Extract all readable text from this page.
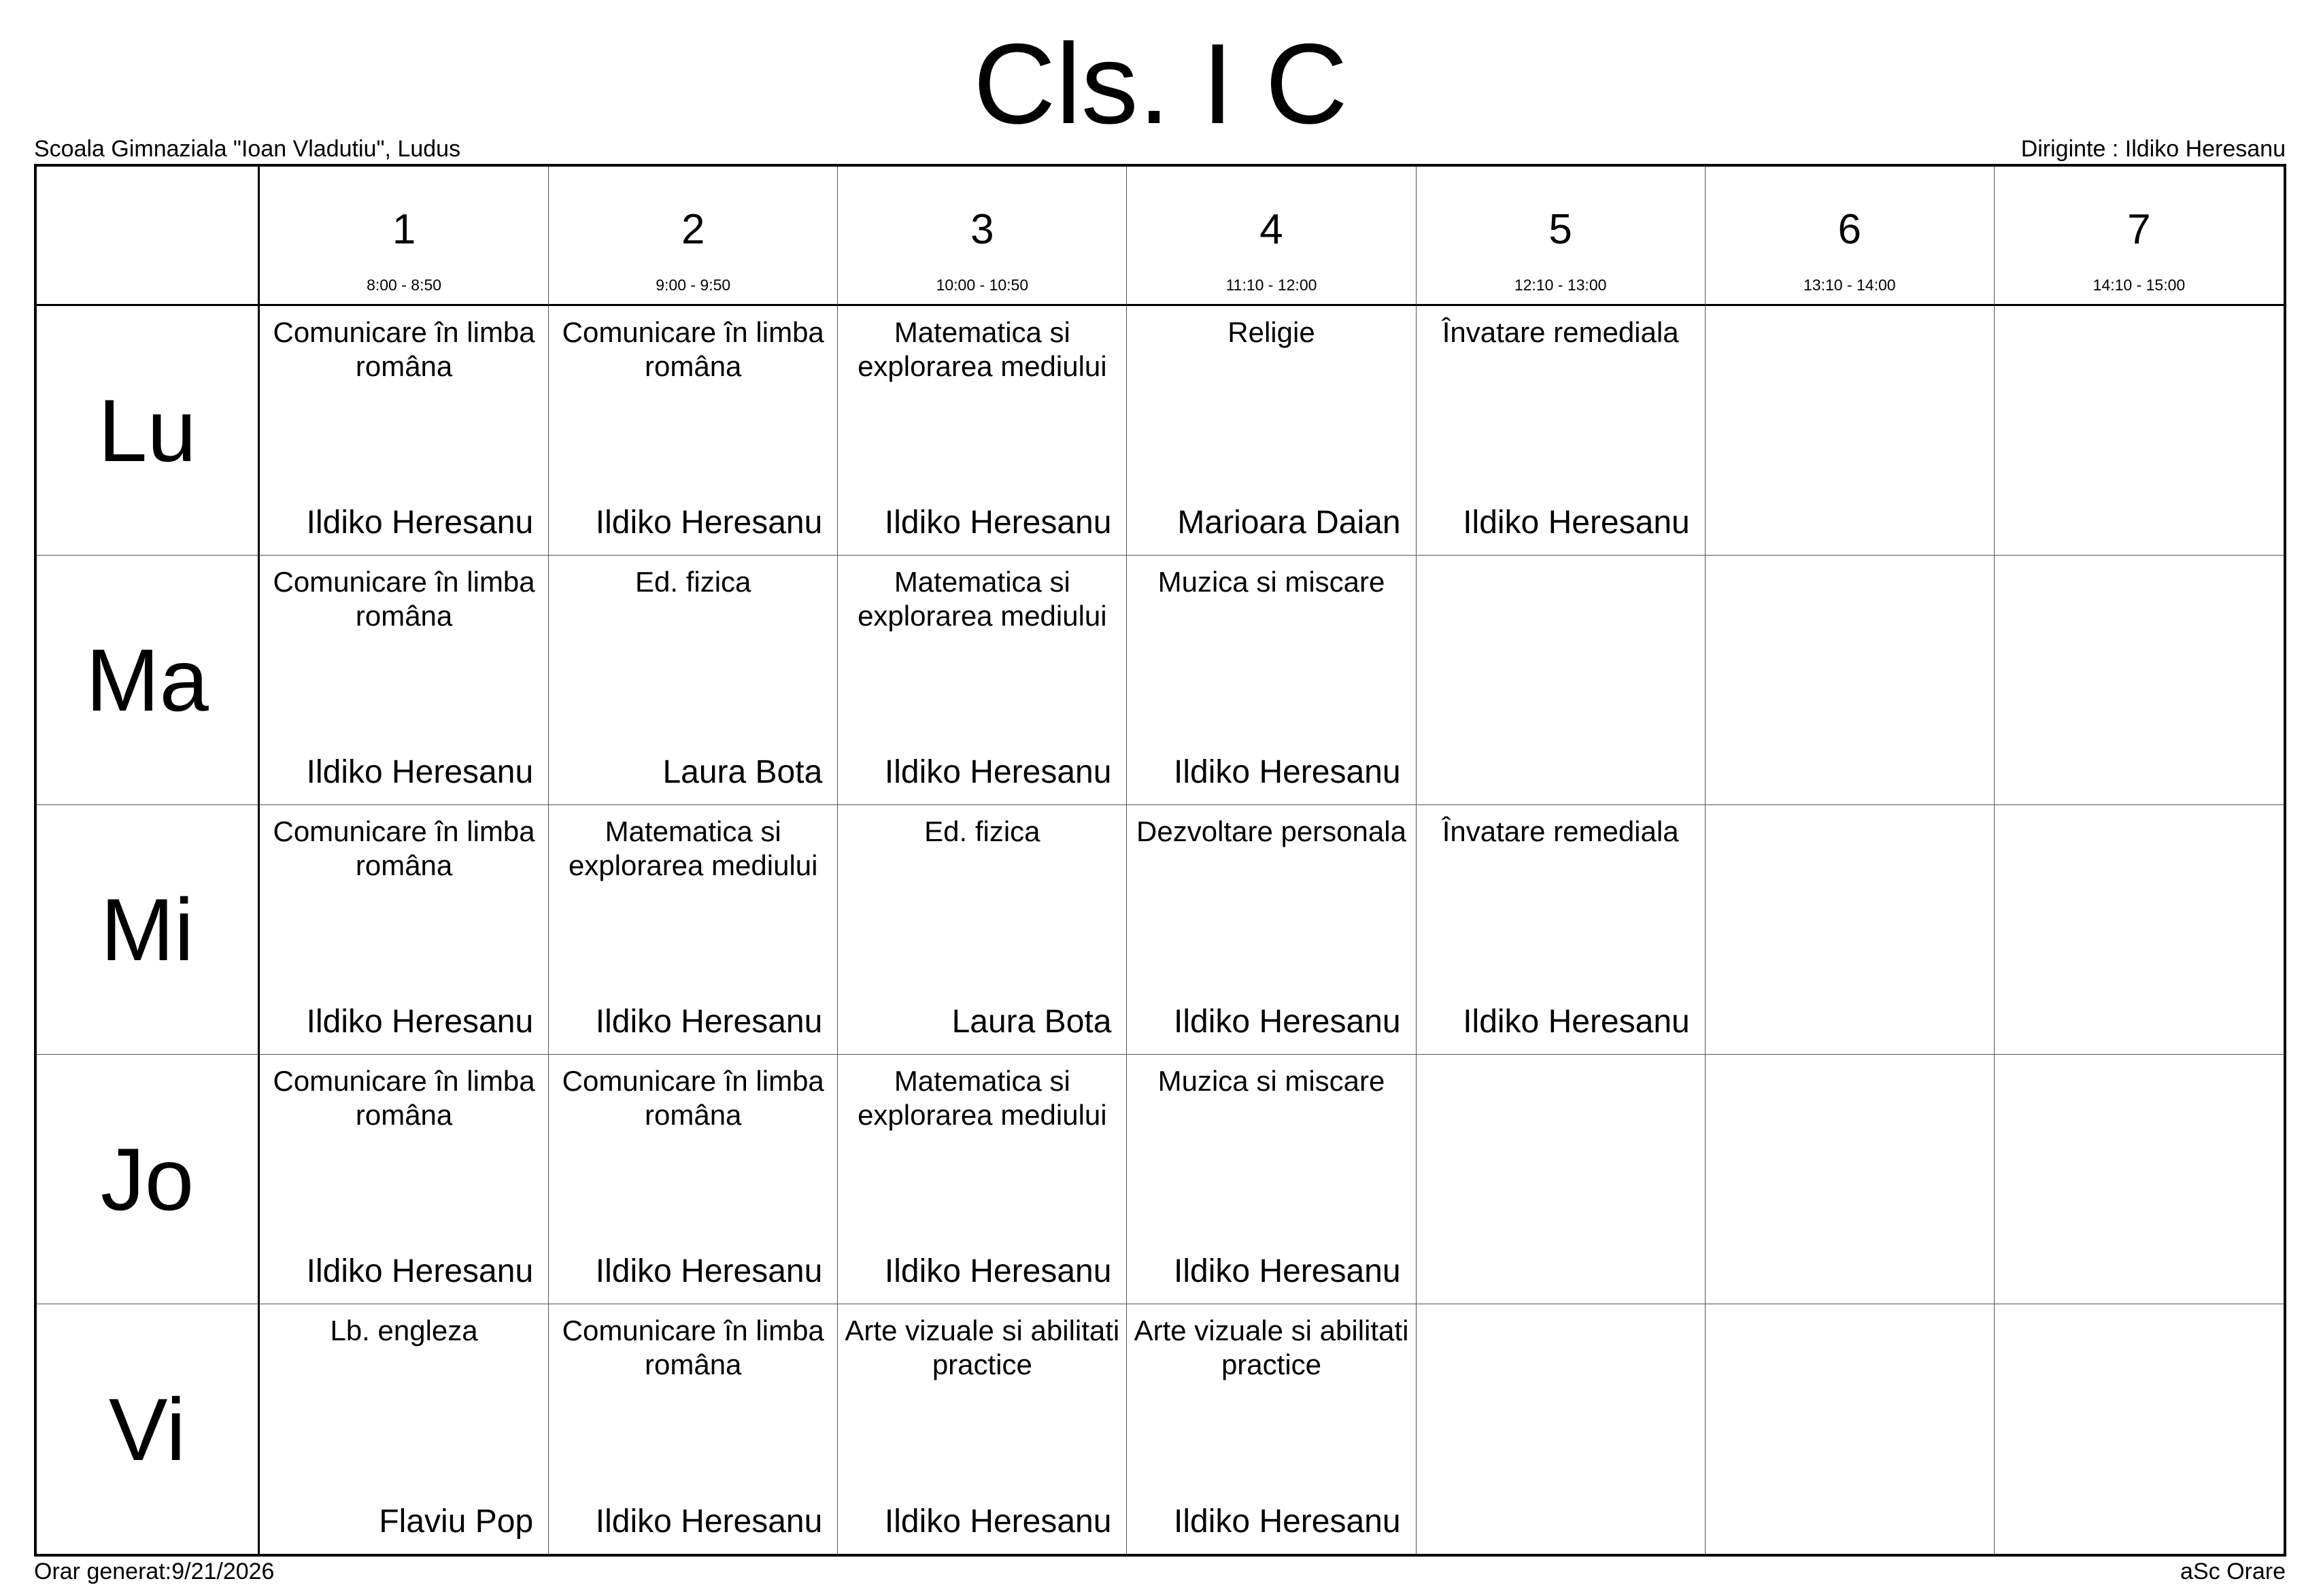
Cls. I C
Scoala Gimnaziala "Ioan Vladutiu", Ludus	Diriginte : Ildiko Heresanu
1
8:00 - 8:50
2
9:00 - 9:50
3
10:00 - 10:50
4
11:10 - 12:00
5
12:10 - 13:00
6
13:10 - 14:00
7
14:10 - 15:00
Lu
Comunicare în limba româna
Ildiko Heresanu
Comunicare în limba româna
Ildiko Heresanu
Matematica si explorarea mediului
Ildiko Heresanu
Religie
Marioara Daian
Învatare remediala
Ildiko Heresanu
Ma
Comunicare în limba româna
Ildiko Heresanu
Ed. fizica
Laura Bota
Matematica si explorarea mediului
Ildiko Heresanu
Muzica si miscare
Ildiko Heresanu
Mi
Comunicare în limba româna
Ildiko Heresanu
Matematica si explorarea mediului
Ildiko Heresanu
Ed. fizica
Laura Bota
Dezvoltare personala
Ildiko Heresanu
Învatare remediala
Ildiko Heresanu
Jo
Comunicare în limba româna
Ildiko Heresanu
Comunicare în limba româna
Ildiko Heresanu
Matematica si explorarea mediului
Ildiko Heresanu
Muzica si miscare
Ildiko Heresanu
Vi
Lb. engleza
Flaviu Pop
Comunicare în limba româna
Ildiko Heresanu
Arte vizuale si abilitati practice
Ildiko Heresanu
Arte vizuale si abilitati practice
Ildiko Heresanu
Orar generat:9/21/2026	aSc Orare
